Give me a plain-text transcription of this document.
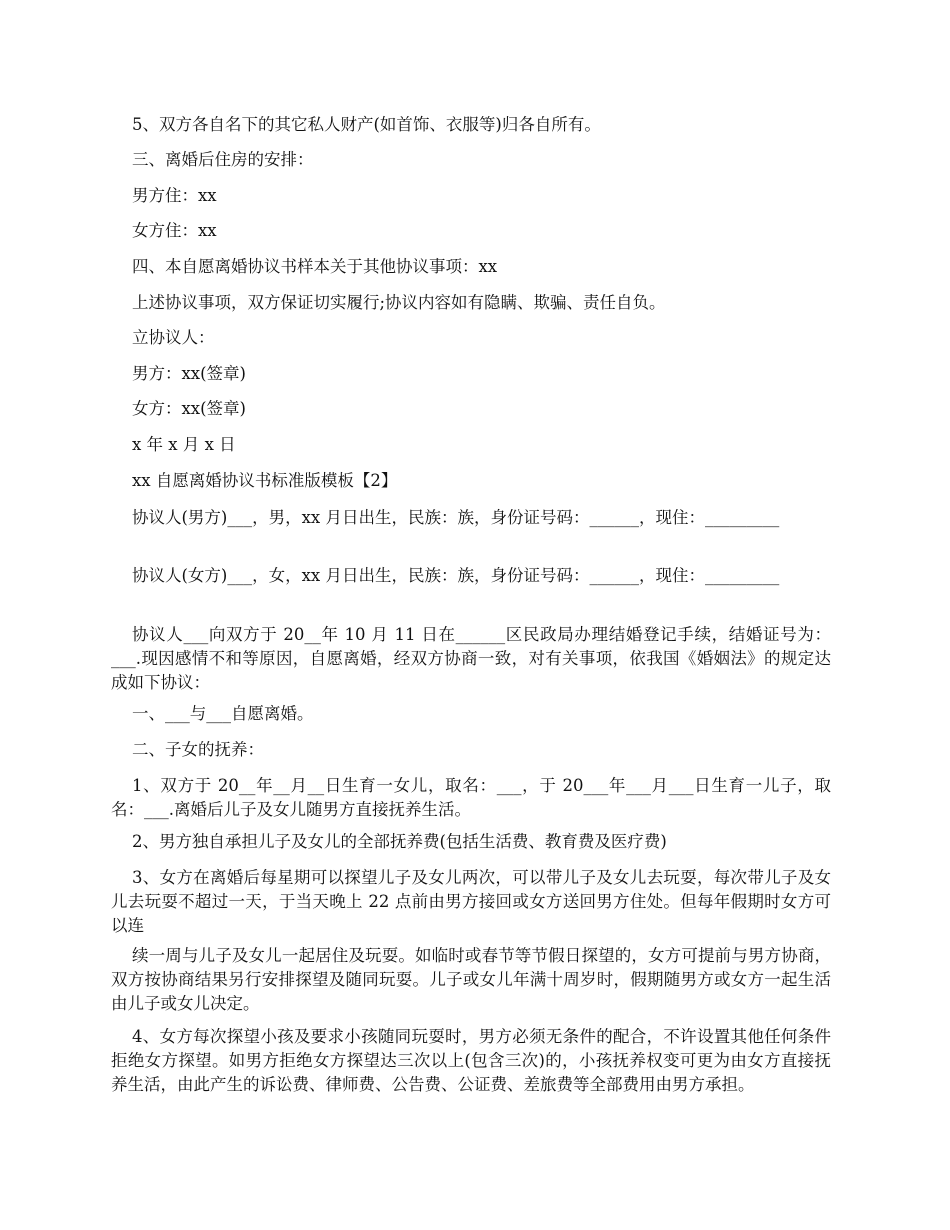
5、双方各自名下的其它私人财产(如首饰、衣服等)归各自所有。
三、离婚后住房的安排：
男方住：xx
女方住：xx
四、本自愿离婚协议书样本关于其他协议事项：xx
上述协议事项，双方保证切实履行;协议内容如有隐瞒、欺骗、责任自负。
立协议人：
男方：xx(签章)
女方：xx(签章)
x 年 x 月 x 日
xx 自愿离婚协议书标准版模板【2】
协议人(男方)___，男，xx 月日出生，民族：族，身份证号码：______，现住：_________
协议人(女方)___，女，xx 月日出生，民族：族，身份证号码：______，现住：_________
协议人___向双方于 20__年 10 月 11 日在______区民政局办理结婚登记手续，结婚证号为：___.现因感情不和等原因，自愿离婚，经双方协商一致，对有关事项，依我国《婚姻法》的规定达成如下协议：
一、___与___自愿离婚。
二、子女的抚养：
1、双方于 20__年__月__日生育一女儿，取名：___，于 20___年___月___日生育一儿子，取名：___.离婚后儿子及女儿随男方直接抚养生活。
2、男方独自承担儿子及女儿的全部抚养费(包括生活费、教育费及医疗费)
3、女方在离婚后每星期可以探望儿子及女儿两次，可以带儿子及女儿去玩耍，每次带儿子及女儿去玩耍不超过一天，于当天晚上 22 点前由男方接回或女方送回男方住处。但每年假期时女方可以连
续一周与儿子及女儿一起居住及玩耍。如临时或春节等节假日探望的，女方可提前与男方协商，双方按协商结果另行安排探望及随同玩耍。儿子或女儿年满十周岁时，假期随男方或女方一起生活由儿子或女儿决定。
4、女方每次探望小孩及要求小孩随同玩耍时，男方必须无条件的配合，不许设置其他任何条件拒绝女方探望。如男方拒绝女方探望达三次以上(包含三次)的，小孩抚养权变可更为由女方直接抚养生活，由此产生的诉讼费、律师费、公告费、公证费、差旅费等全部费用由男方承担。
